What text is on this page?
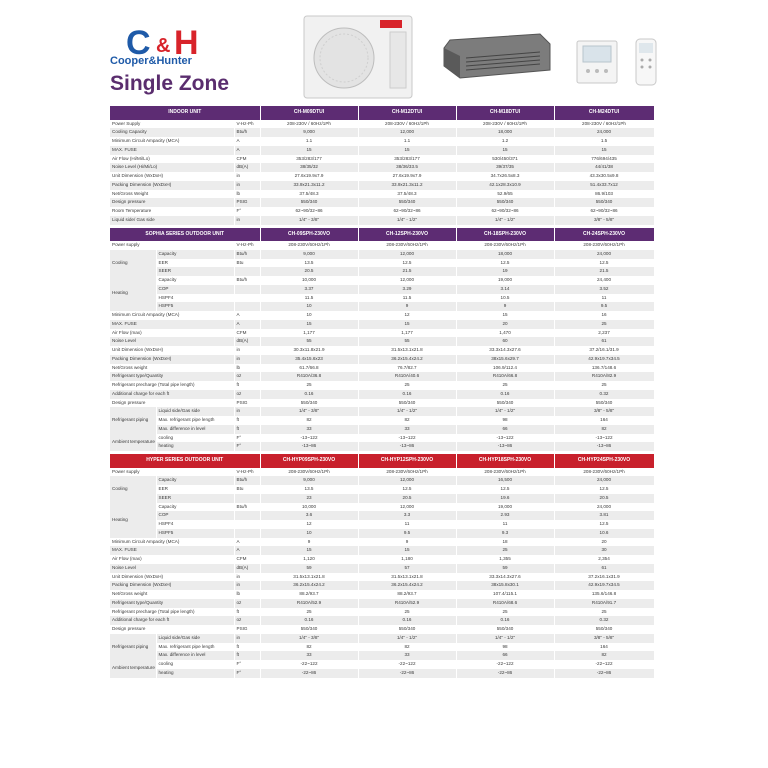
C & H
Cooper&Hunter
Single Zone
INDOOR UNIT			CH-M09DTUI	CH-M12DTUI	CH-M18DTUI	CH-M24DTUI
Power Supply		V-Hz-Ph	208-230V / 60Hz/1Ph	208-230V / 60Hz/1Ph	208-230V / 60Hz/1Ph	208-230V / 60Hz/1Ph
Cooling Capacity		Btu/h	9,000	12,000	18,000	24,000
Minimum Circuit Ampacity (MCA)		A	1.1	1.1	1.2	1.5
MAX. FUSE		A	15	15	15	15
Air Flow (Hi/Mi/Lo)		CFM	353/283/177	353/283/177	530/450/371	776/694/435
Noise Level (Hi/Mi/Lo)		dB(A)	38/35/32	38/36/33.5	39/37/35	44/41/38
Unit Dimension (WxDxH)		in	27.6x19.9x7.9	27.6x19.9x7.9	34.7x26.5x8.3	43.3x30.5x9.8
Packing Dimension (WxDxH)		in	33.9x21.3x11.2	33.9x21.3x11.2	42.1x28.3x10.9	51.4x33.7x12
Net/Gross Weight		lb	37.5/48.3	37.5/48.3	52.9/65	86.9/103
Design pressure		PSIG	550/340	550/340	550/340	550/340
Room Temperature		F°	62~90/32~86	62~90/32~86	62~90/32~86	62~90/32~86
Liquid side/ Gas side		in	1/4" - 3/8"	1/4" - 1/2"	1/4" - 1/2"	3/8" - 5/8"

SOPHIA SERIES OUTDOOR UNIT			CH-09SPH-230VO	CH-12SPH-230VO	CH-18SPH-230VO	CH-24SPH-230VO
Power supply		V-Hz-Ph	208-230V/60Hz/1Ph	208-230V/60Hz/1Ph	208-230V/60Hz/1Ph	208-230V/60Hz/1Ph
Cooling	Capacity	Btu/h	9,000	12,000	18,000	24,000
	EER	Btu	13.5	12.5	12.5	12.5
	SEER		20.5	21.5	19	21.5
Heating	Capacity	Btu/h	10,000	12,000	19,000	24,400
	COP		3.37	3.29	3.14	3.52
	HSPF4		11.5	11.5	10.5	11
	HSPF5		10	9	9	9.5
Minimum Circuit Ampacity (MCA)		A	10	12	15	16
MAX. FUSE		A	15	15	20	25
Air Flow (max)		CFM	1,177	1,177	1,470	2,237
Noise Level		dB(A)	55	55	60	61
Unit Dimension (WxDxH)		in	30.3x11.8x21.9	31.5x13.1x21.8	33.3x14.3x27.6	37.2/16.1/31.9
Packing Dimension (WxDxH)		in	35.4x15.6x23	36.2x15.4x24.2	38x15.6x29.7	42.9x19.7x34.5
Net/Gross weight		lb	61.7/66.8	76.7/82.7	106.9/112.4	136.7/148.6
Refrigerant type/Quantity		oz	R410A/36.8	R410A/40.6	R410A/66.8	R410A/82.9
Refrigerant precharge (Total pipe length)		ft	25	25	25	25
Additional charge for each ft		oz	0.16	0.16	0.16	0.32
Design pressure		PSIG	550/340	550/340	550/340	550/340
Refrigerant piping	Liquid side/Gas side	in	1/4" - 3/8"	1/4" - 1/2"	1/4" - 1/2"	3/8" - 5/8"
	Max. refrigerant pipe length	ft	82	82	98	164
	Max. difference in level	ft	33	33	66	82
Ambient temperature	cooling	F°	-13~122	-13~122	-13~122	-13~122
	heating	F°	-13~86	-13~86	-13~86	-13~86

HYPER SERIES OUTDOOR UNIT			CH-HYP09SPH-230VO	CH-HYP12SPH-230VO	CH-HYP18SPH-230VO	CH-HYP24SPH-230VO
Power supply		V-Hz-Ph	208-230V/60Hz/1Ph	208-230V/60Hz/1Ph	208-230V/60Hz/1Ph	208-230V/60Hz/1Ph
Cooling	Capacity	Btu/h	9,000	12,000	16,500	24,000
	EER	Btu	13.5	12.5	12.5	12.5
	SEER		23	20.5	19.6	20.5
Heating	Capacity	Btu/h	10,000	12,000	19,000	24,000
	COP		3.6	3.3	2.93	3.81
	HSPF4		12	11	11	12.5
	HSPF5		10	9.5	9.3	10.6
Minimum Circuit Ampacity (MCA)		A	9	9	18	20
MAX. FUSE		A	15	15	25	30
Air Flow (max)		CFM	1,120	1,180	1,355	2,354
Noise Level		dB(A)	59	57	59	61
Unit Dimension (WxDxH)		in	31.5x13.1x21.8	31.5x13.1x21.8	33.3x14.3x27.6	37.2x16.1x31.9
Packing Dimension (WxDxH)		in	36.2x15.4x24.2	36.2x15.4x24.2	38x15.8x30.1	42.9x19.7x34.5
Net/Gross weight		lb	88.2/93.7	88.2/93.7	107.4/115.1	135.6/146.8
Refrigerant type/Quantity		oz	R410A/52.9	R410A/52.9	R410A/68.6	R410A/91.7
Refrigerant precharge (Total pipe length)		ft	25	25	25	25
Additional charge for each ft		oz	0.16	0.16	0.16	0.32
Design pressure		PSIG	550/340	550/340	550/340	550/340
Refrigerant piping	Liquid side/Gas side	in	1/4" - 3/8"	1/4" - 1/2"	1/4" - 1/2"	3/8" - 5/8"
	Max. refrigerant pipe length	ft	82	82	98	164
	Max. difference in level	ft	33	33	66	82
Ambient temperature	cooling	F°	-22~122	-22~122	-22~122	-22~122
	heating	F°	-22~86	-22~86	-22~86	-22~86
